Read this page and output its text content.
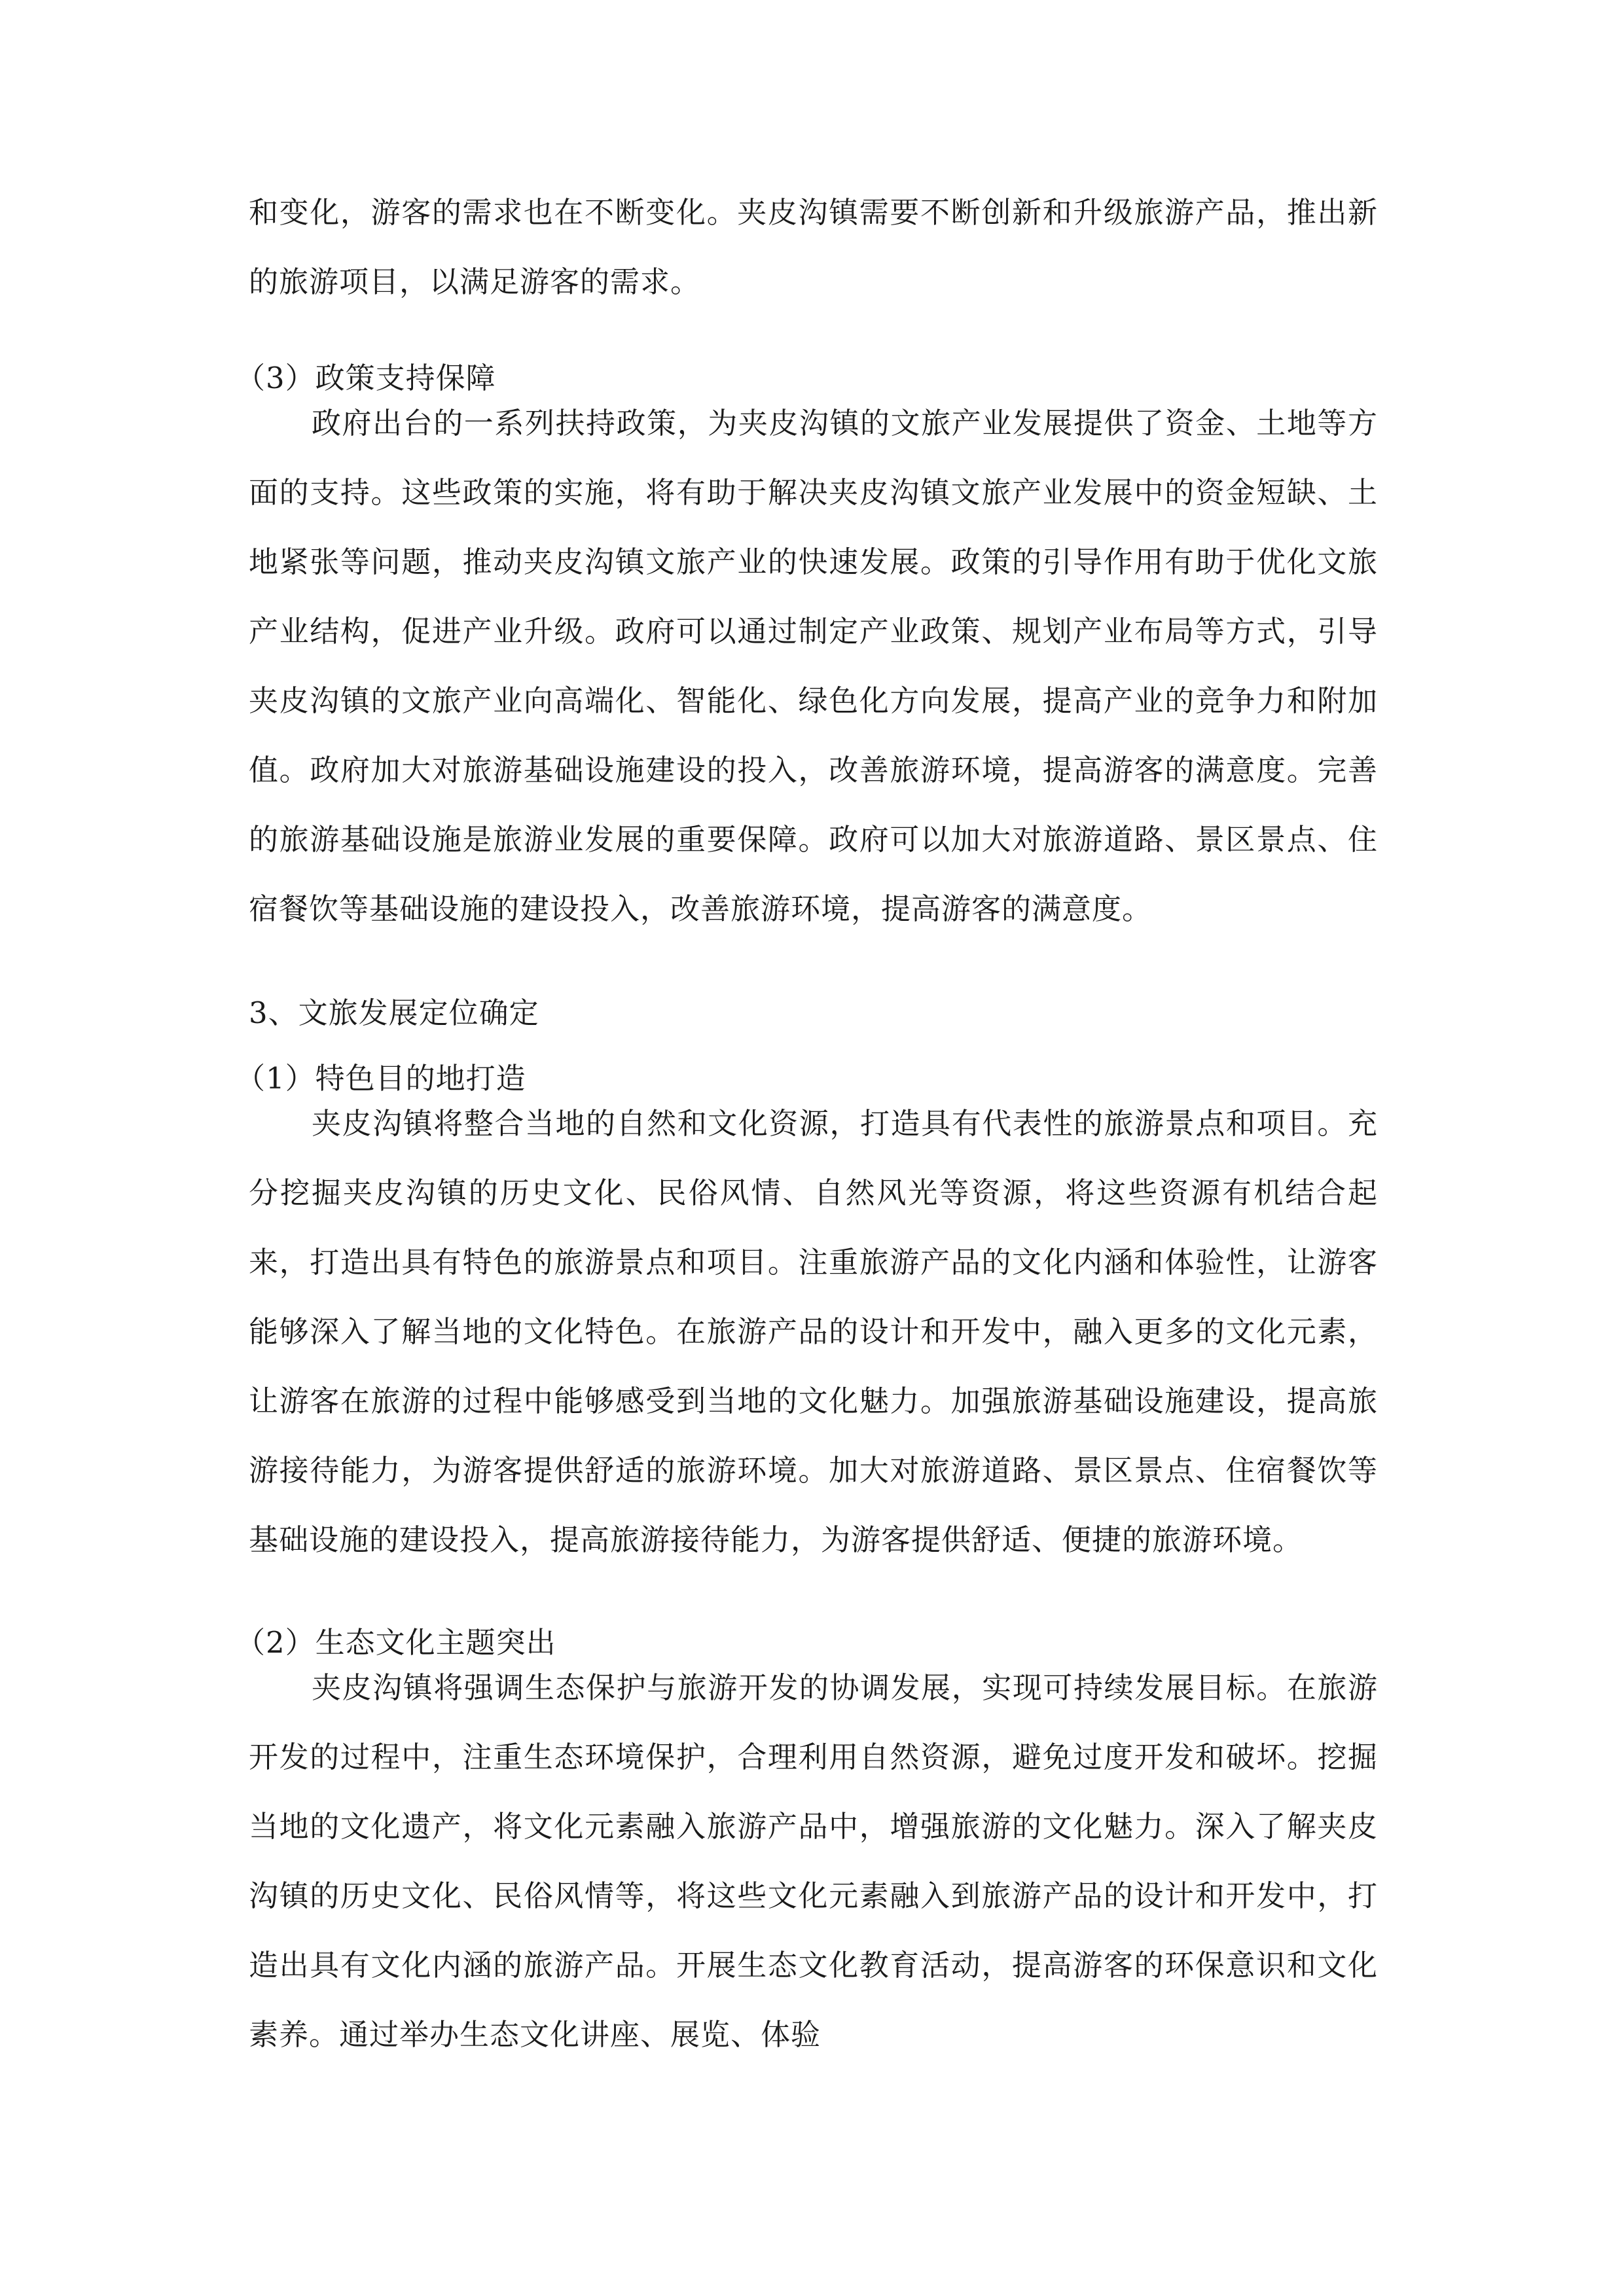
和变化，游客的需求也在不断变化。夹皮沟镇需要不断创新和升级旅游产品，推出新的旅游项目，以满足游客的需求。

（3）政策支持保障

政府出台的一系列扶持政策，为夹皮沟镇的文旅产业发展提供了资金、土地等方面的支持。这些政策的实施，将有助于解决夹皮沟镇文旅产业发展中的资金短缺、土地紧张等问题，推动夹皮沟镇文旅产业的快速发展。政策的引导作用有助于优化文旅产业结构，促进产业升级。政府可以通过制定产业政策、规划产业布局等方式，引导夹皮沟镇的文旅产业向高端化、智能化、绿色化方向发展，提高产业的竞争力和附加值。政府加大对旅游基础设施建设的投入，改善旅游环境，提高游客的满意度。完善的旅游基础设施是旅游业发展的重要保障。政府可以加大对旅游道路、景区景点、住宿餐饮等基础设施的建设投入，改善旅游环境，提高游客的满意度。

3、文旅发展定位确定

（1）特色目的地打造

夹皮沟镇将整合当地的自然和文化资源，打造具有代表性的旅游景点和项目。充分挖掘夹皮沟镇的历史文化、民俗风情、自然风光等资源，将这些资源有机结合起来，打造出具有特色的旅游景点和项目。注重旅游产品的文化内涵和体验性，让游客能够深入了解当地的文化特色。在旅游产品的设计和开发中，融入更多的文化元素，让游客在旅游的过程中能够感受到当地的文化魅力。加强旅游基础设施建设，提高旅游接待能力，为游客提供舒适的旅游环境。加大对旅游道路、景区景点、住宿餐饮等基础设施的建设投入，提高旅游接待能力，为游客提供舒适、便捷的旅游环境。

（2）生态文化主题突出

夹皮沟镇将强调生态保护与旅游开发的协调发展，实现可持续发展目标。在旅游开发的过程中，注重生态环境保护，合理利用自然资源，避免过度开发和破坏。挖掘当地的文化遗产，将文化元素融入旅游产品中，增强旅游的文化魅力。深入了解夹皮沟镇的历史文化、民俗风情等，将这些文化元素融入到旅游产品的设计和开发中，打造出具有文化内涵的旅游产品。开展生态文化教育活动，提高游客的环保意识和文化素养。通过举办生态文化讲座、展览、体验
